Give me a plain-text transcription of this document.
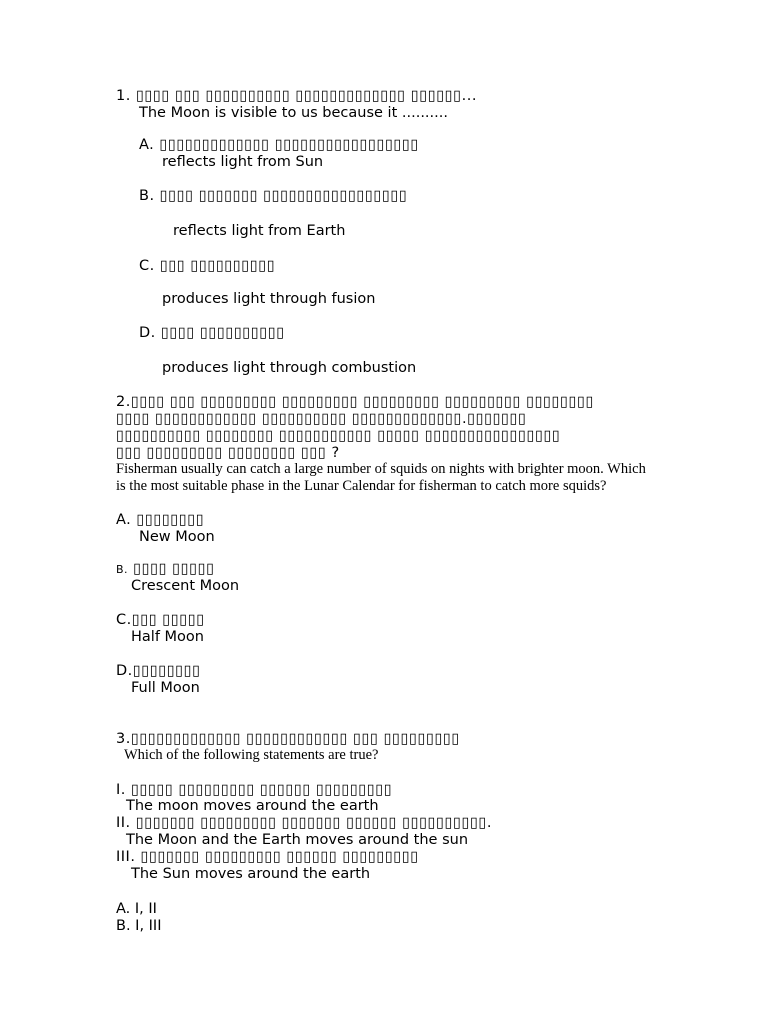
1. ▯▯▯▯ ▯▯▯ ▯▯▯▯▯▯▯▯▯▯ ▯▯▯▯▯▯▯▯▯▯▯▯▯ ▯▯▯▯▯▯...
The Moon is visible to us because it ..........
A. ▯▯▯▯▯▯▯▯▯▯▯▯▯ ▯▯▯▯▯▯▯▯▯▯▯▯▯▯▯▯▯
reflects light from Sun
B. ▯▯▯▯ ▯▯▯▯▯▯▯ ▯▯▯▯▯▯▯▯▯▯▯▯▯▯▯▯▯
reflects light from Earth
C. ▯▯▯ ▯▯▯▯▯▯▯▯▯▯
produces light through fusion
D. ▯▯▯▯ ▯▯▯▯▯▯▯▯▯▯
produces light through combustion
2.▯▯▯▯ ▯▯▯ ▯▯▯▯▯▯▯▯▯ ▯▯▯▯▯▯▯▯▯ ▯▯▯▯▯▯▯▯▯ ▯▯▯▯▯▯▯▯▯ ▯▯▯▯▯▯▯▯
▯▯▯▯ ▯▯▯▯▯▯▯▯▯▯▯▯ ▯▯▯▯▯▯▯▯▯▯ ▯▯▯▯▯▯▯▯▯▯▯▯▯.▯▯▯▯▯▯▯
▯▯▯▯▯▯▯▯▯▯ ▯▯▯▯▯▯▯▯ ▯▯▯▯▯▯▯▯▯▯▯ ▯▯▯▯▯ ▯▯▯▯▯▯▯▯▯▯▯▯▯▯▯▯
▯▯▯ ▯▯▯▯▯▯▯▯▯ ▯▯▯▯▯▯▯▯ ▯▯▯ ?
Fisherman usually can catch a large number of squids on nights with brighter moon. Which is the most suitable phase in the Lunar Calendar for fisherman to catch more squids?
A. ▯▯▯▯▯▯▯▯
New Moon
B. ▯▯▯▯ ▯▯▯▯▯
Crescent Moon
C.▯▯▯ ▯▯▯▯▯
Half Moon
D.▯▯▯▯▯▯▯▯
Full Moon
3.▯▯▯▯▯▯▯▯▯▯▯▯▯ ▯▯▯▯▯▯▯▯▯▯▯▯ ▯▯▯ ▯▯▯▯▯▯▯▯▯
Which of the following statements are true?
I. ▯▯▯▯▯ ▯▯▯▯▯▯▯▯▯ ▯▯▯▯▯▯ ▯▯▯▯▯▯▯▯▯
The moon moves around the earth
II. ▯▯▯▯▯▯▯ ▯▯▯▯▯▯▯▯▯ ▯▯▯▯▯▯▯ ▯▯▯▯▯▯ ▯▯▯▯▯▯▯▯▯▯.
The Moon and the Earth moves around the sun
III. ▯▯▯▯▯▯▯ ▯▯▯▯▯▯▯▯▯ ▯▯▯▯▯▯ ▯▯▯▯▯▯▯▯▯
The Sun moves around the earth
A. I, II
B. I, III
